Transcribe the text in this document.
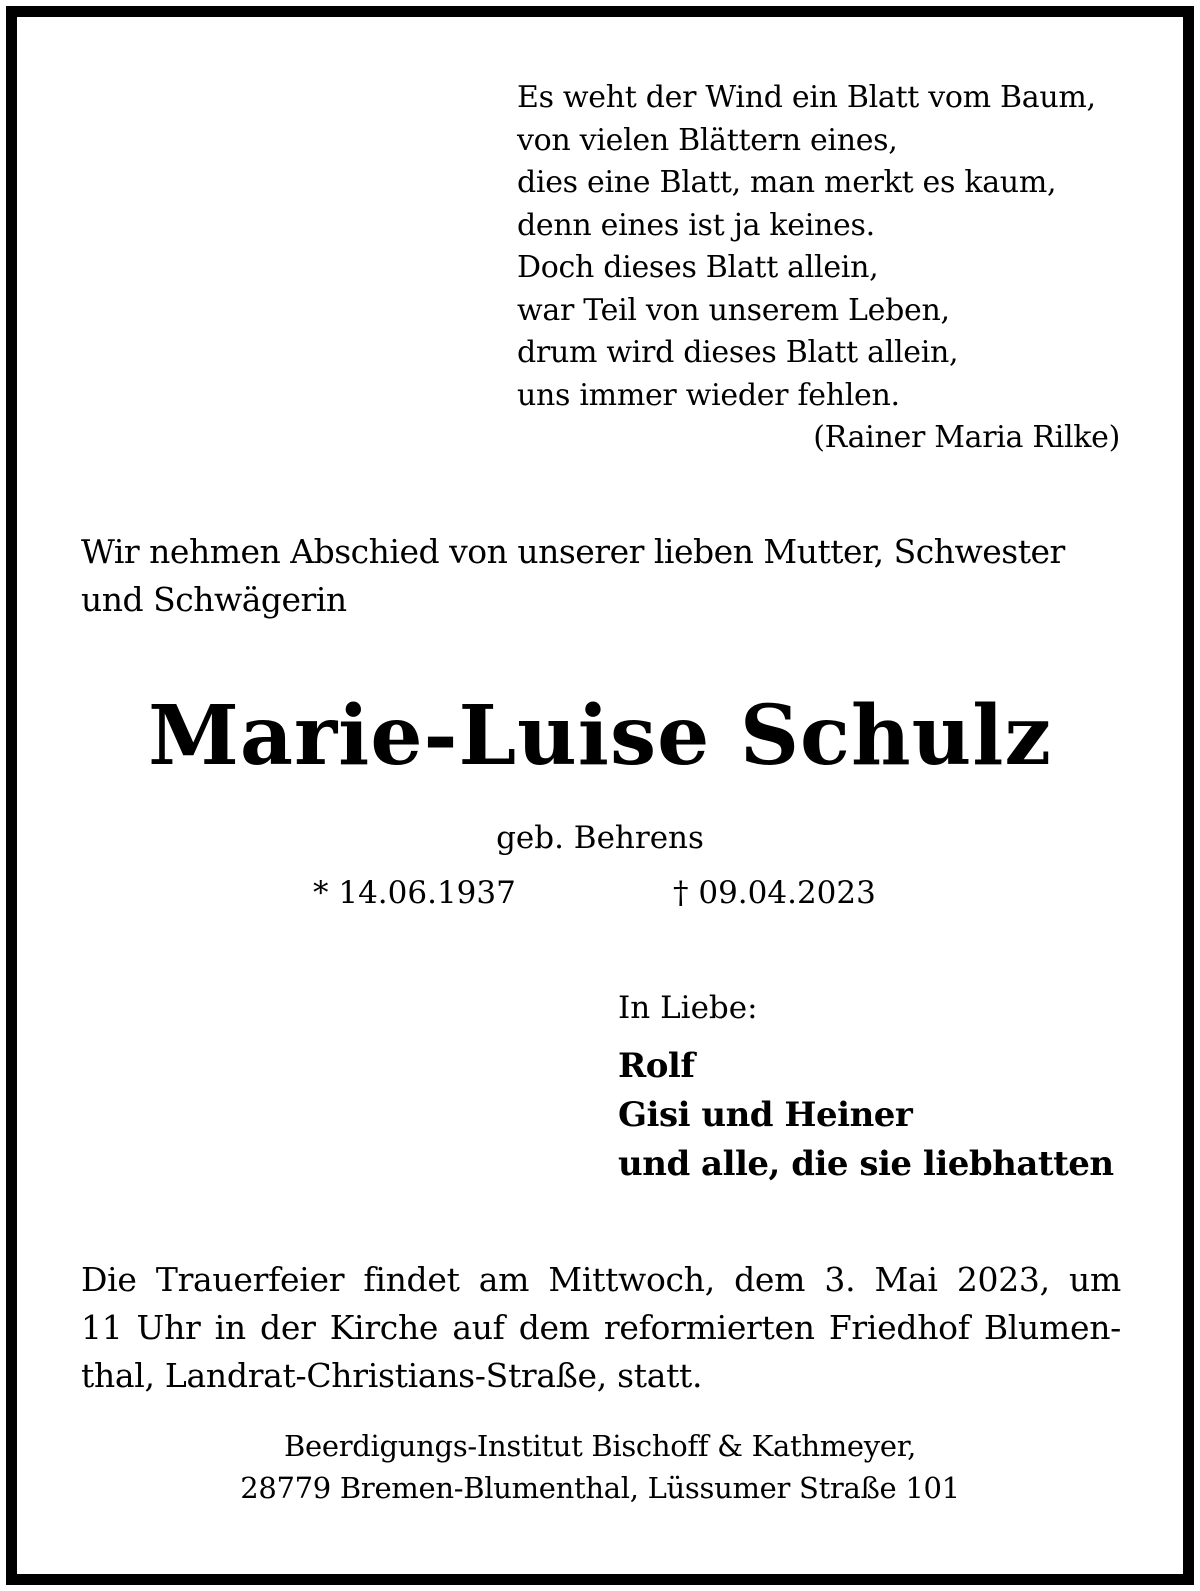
Es weht der Wind ein Blatt vom Baum,
von vielen Blättern eines,
dies eine Blatt, man merkt es kaum,
denn eines ist ja keines.
Doch dieses Blatt allein,
war Teil von unserem Leben,
drum wird dieses Blatt allein,
uns immer wieder fehlen.
(Rainer Maria Rilke)
Wir nehmen Abschied von unserer lieben Mutter, Schwester
und Schwägerin
Marie-Luise Schulz
geb. Behrens
* 14.06.1937	† 09.04.2023
In Liebe:
Rolf
Gisi und Heiner
und alle, die sie liebhatten
Die Trauerfeier findet am Mittwoch, dem 3. Mai 2023, um
11 Uhr in der Kirche auf dem reformierten Friedhof Blumen-
thal, Landrat-Christians-Straße, statt.
Beerdigungs-Institut Bischoff & Kathmeyer,
28779 Bremen-Blumenthal, Lüssumer Straße 101
